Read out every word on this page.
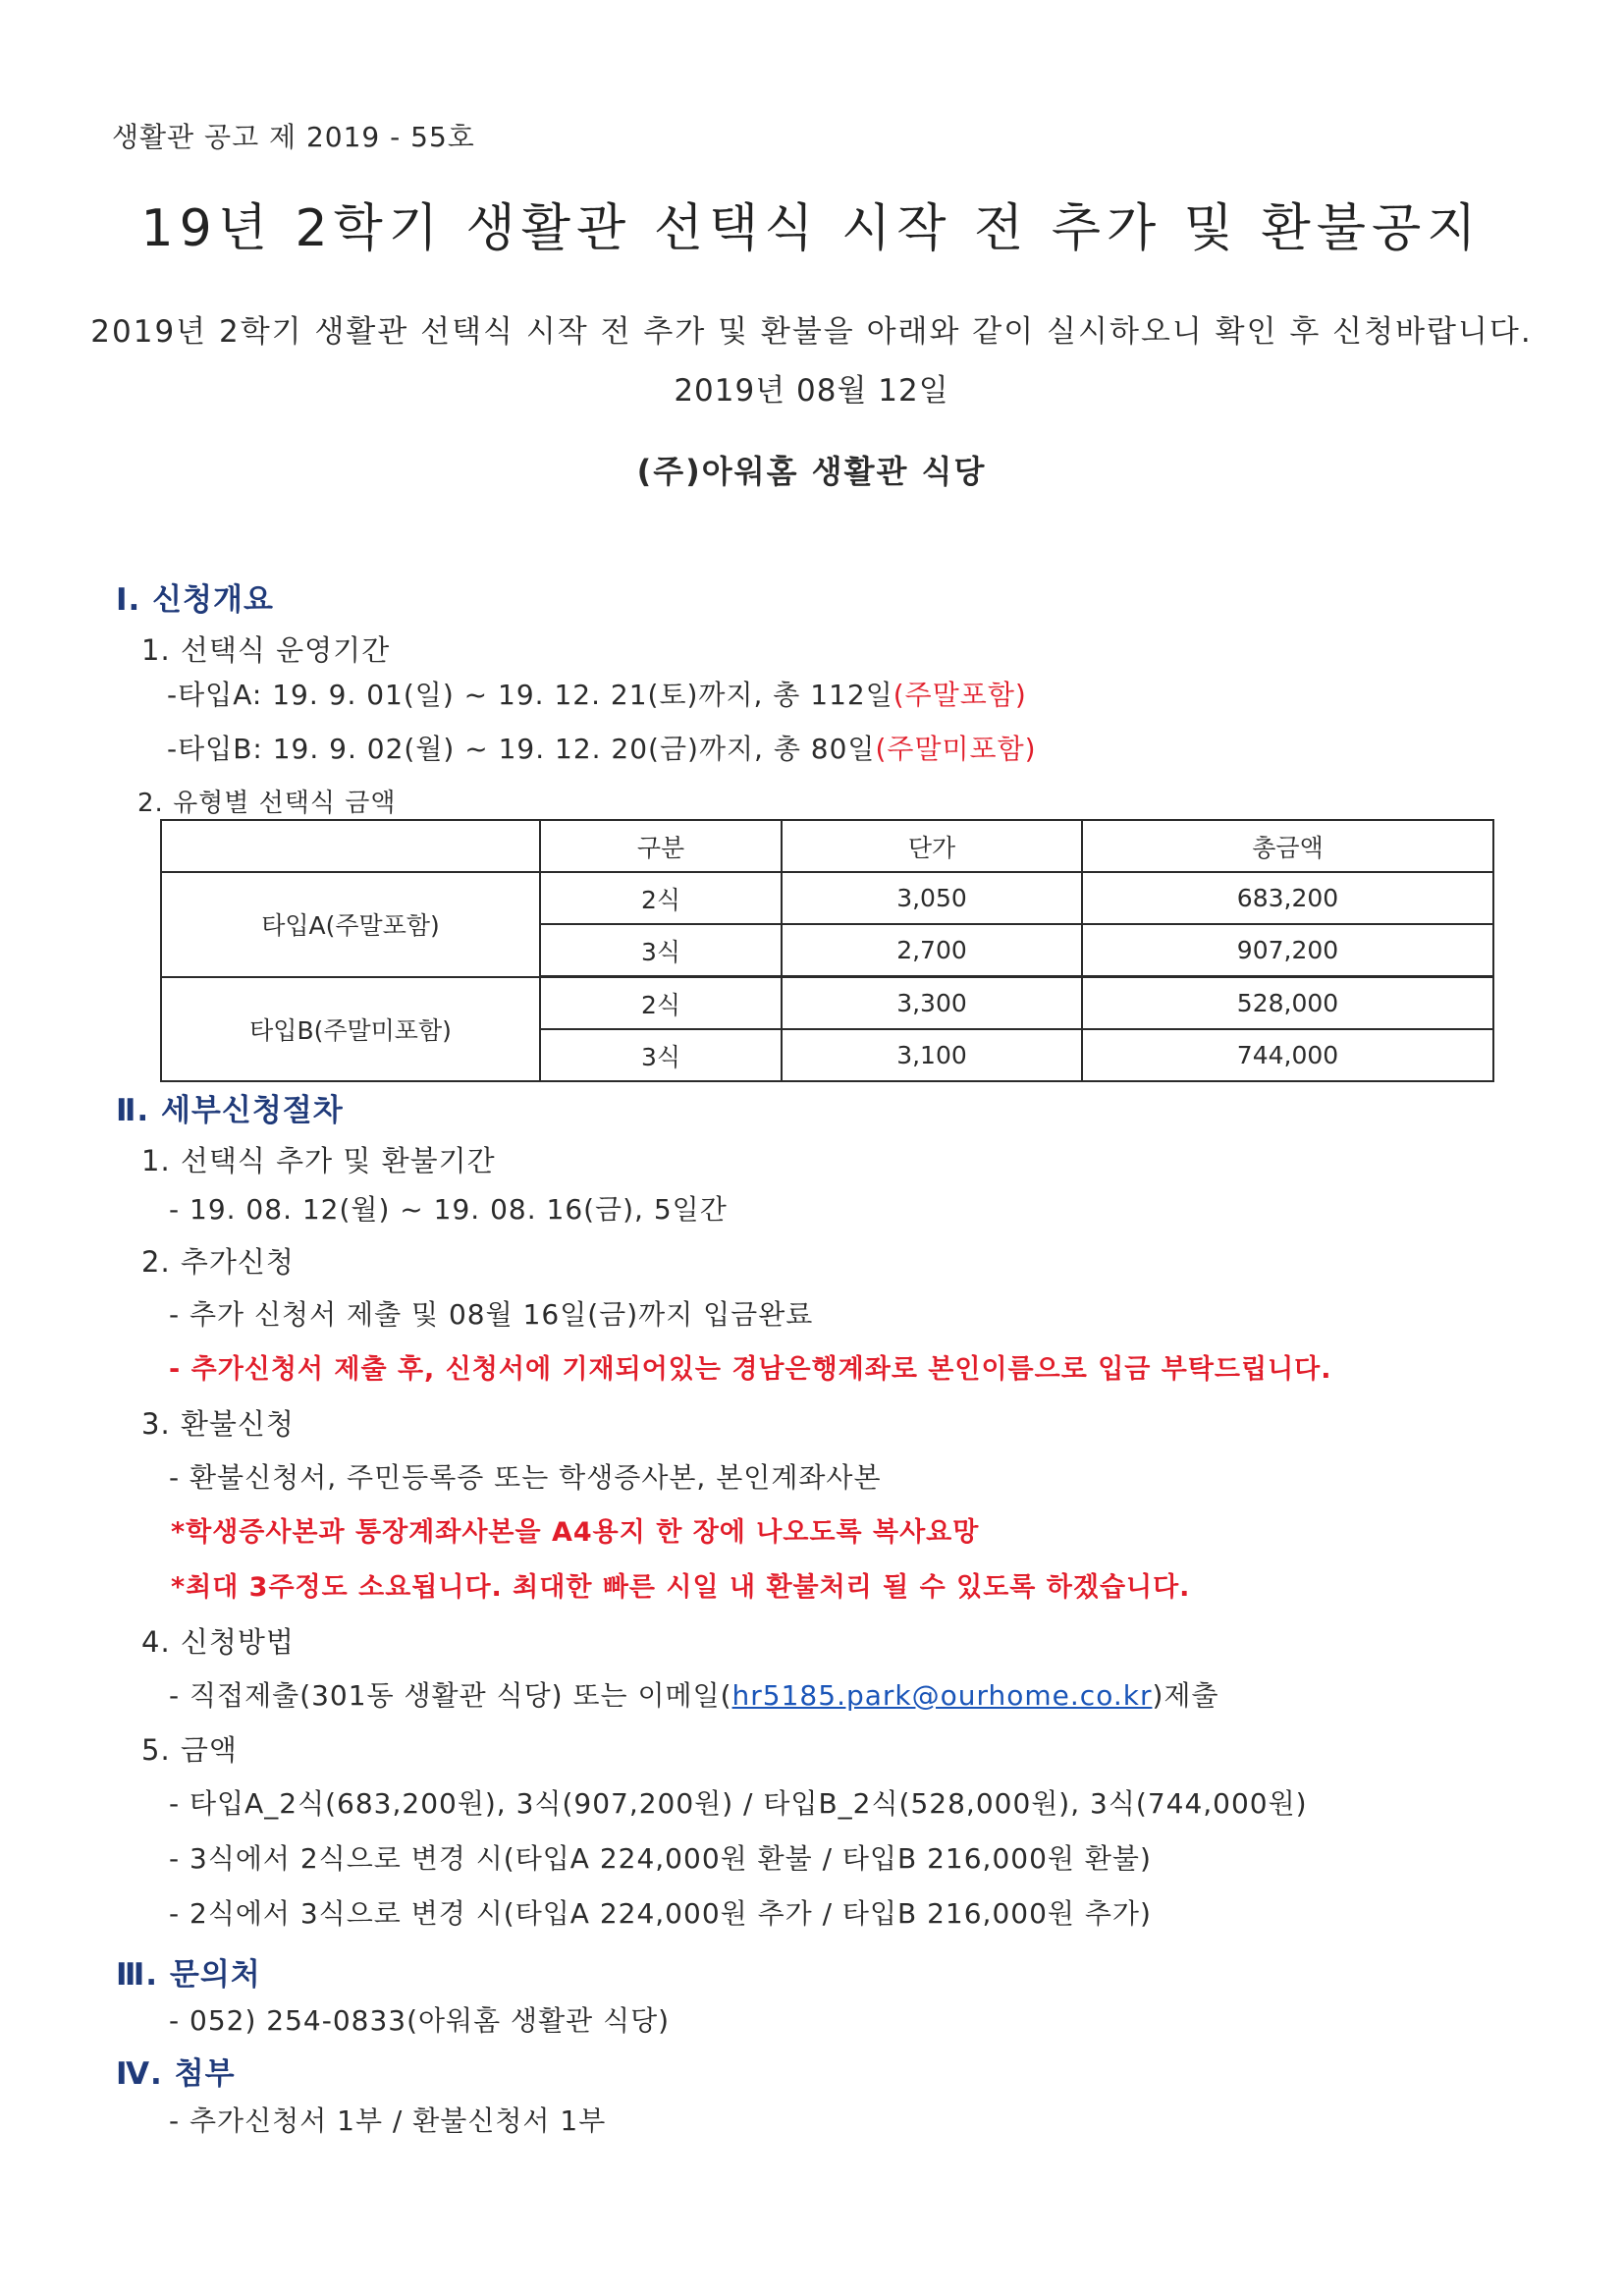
생활관 공고 제 2019 - 55호
19년 2학기 생활관 선택식 시작 전 추가 및 환불공지
2019년 2학기 생활관 선택식 시작 전 추가 및 환불을 아래와 같이 실시하오니 확인 후 신청바랍니다.
2019년 08월 12일
(주)아워홈 생활관 식당
Ⅰ. 신청개요
1. 선택식 운영기간
-타입A: 19. 9. 01(일) ~ 19. 12. 21(토)까지, 총 112일(주말포함)
-타입B: 19. 9. 02(월) ~ 19. 12. 20(금)까지, 총 80일(주말미포함)
2. 유형별 선택식 금액
	구분	단가	총금액
타입A(주말포함)	2식	3,050	683,200
	3식	2,700	907,200
타입B(주말미포함)	2식	3,300	528,000
	3식	3,100	744,000
Ⅱ. 세부신청절차
1. 선택식 추가 및 환불기간
- 19. 08. 12(월) ~ 19. 08. 16(금), 5일간
2. 추가신청
- 추가 신청서 제출 및 08월 16일(금)까지 입금완료
- 추가신청서 제출 후, 신청서에 기재되어있는 경남은행계좌로 본인이름으로 입금 부탁드립니다.
3. 환불신청
- 환불신청서, 주민등록증 또는 학생증사본, 본인계좌사본
*학생증사본과 통장계좌사본을 A4용지 한 장에 나오도록 복사요망
*최대 3주정도 소요됩니다. 최대한 빠른 시일 내 환불처리 될 수 있도록 하겠습니다.
4. 신청방법
- 직접제출(301동 생활관 식당) 또는 이메일(hr5185.park@ourhome.co.kr)제출
5. 금액
- 타입A_2식(683,200원), 3식(907,200원) / 타입B_2식(528,000원), 3식(744,000원)
- 3식에서 2식으로 변경 시(타입A 224,000원 환불 / 타입B 216,000원 환불)
- 2식에서 3식으로 변경 시(타입A 224,000원 추가 / 타입B 216,000원 추가)
Ⅲ. 문의처
- 052) 254-0833(아워홈 생활관 식당)
Ⅳ. 첨부
- 추가신청서 1부 / 환불신청서 1부
